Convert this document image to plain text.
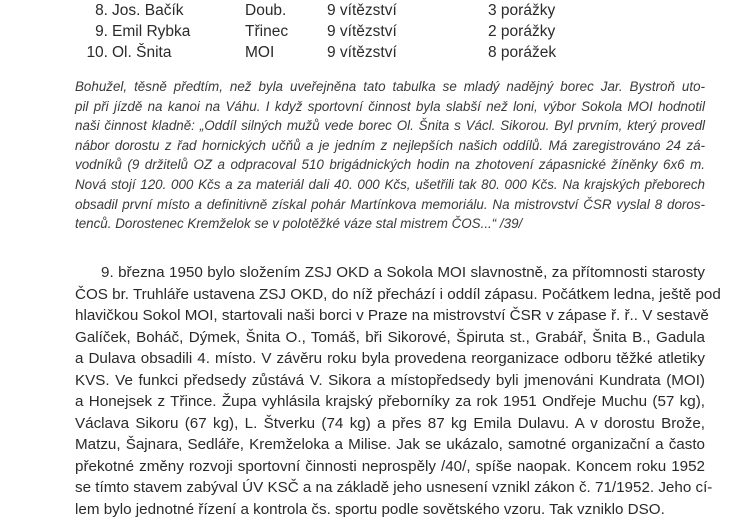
8. Jos. Bačík	Doub.	9 vítězství	3 porážky
9. Emil Rybka	Třinec	9 vítězství	2 porážky
10. Ol. Šnita	MOI	9 vítězství	8 porážek
Bohužel, těsně předtím, než byla uveřejněna tato tabulka se mladý nadějný borec Jar. Bystroň uto-
pil při jízdě na kanoi na Váhu. I když sportovní činnost byla slabší než loni, výbor Sokola MOI hodnotil
naši činnost kladně: „Oddíl silných mužů vede borec Ol. Šnita s Václ. Sikorou. Byl prvním, který provedl
nábor dorostu z řad hornických učňů a je jedním z nejlepších našich oddílů. Má zaregistrováno 24 zá-
vodníků (9 držitelů OZ a odpracoval 510 brigádnických hodin na zhotovení zápasnické žíněnky 6x6 m.
Nová stojí 120. 000 Kčs a za materiál dali 40. 000 Kčs, ušetřili tak 80. 000 Kčs. Na krajských přeborech
obsadil první místo a definitivně získal pohár Martínkova memoriálu. Na mistrovství ČSR vyslal 8 doros-
tenců. Dorostenec Kremželok se v polotěžké váze stal mistrem ČOS...“ /39/
9. března 1950 bylo složením ZSJ OKD a Sokola MOI slavnostně, za přítomnosti starosty
ČOS br. Truhláře ustavena ZSJ OKD, do níž přechází i oddíl zápasu. Počátkem ledna, ještě pod
hlavičkou Sokol MOI, startovali naši borci v Praze na mistrovství ČSR v zápase ř. ř.. V sestavě
Galíček, Boháč, Dýmek, Šnita O., Tomáš, bři Sikorové, Špiruta st., Grabář, Šnita B., Gadula
a Dulava obsadili 4. místo. V závěru roku byla provedena reorganizace odboru těžké atletiky
KVS. Ve funkci předsedy zůstává V. Sikora a místopředsedy byli jmenováni Kundrata (MOI)
a Honejsek z Třince. Župa vyhlásila krajský přeborníky za rok 1951 Ondřeje Muchu (57 kg),
Václava Sikoru (67 kg), L. Štverku (74 kg) a přes 87 kg Emila Dulavu. A v dorostu Brože,
Matzu, Šajnara, Sedláře, Kremželoka a Milise. Jak se ukázalo, samotné organizační a často
překotné změny rozvoji sportovní činnosti neprospěly /40/, spíše naopak. Koncem roku 1952
se tímto stavem zabýval ÚV KSČ a na základě jeho usnesení vznikl zákon č. 71/1952. Jeho cí-
lem bylo jednotné řízení a kontrola čs. sportu podle sovětského vzoru. Tak vzniklo DSO.
